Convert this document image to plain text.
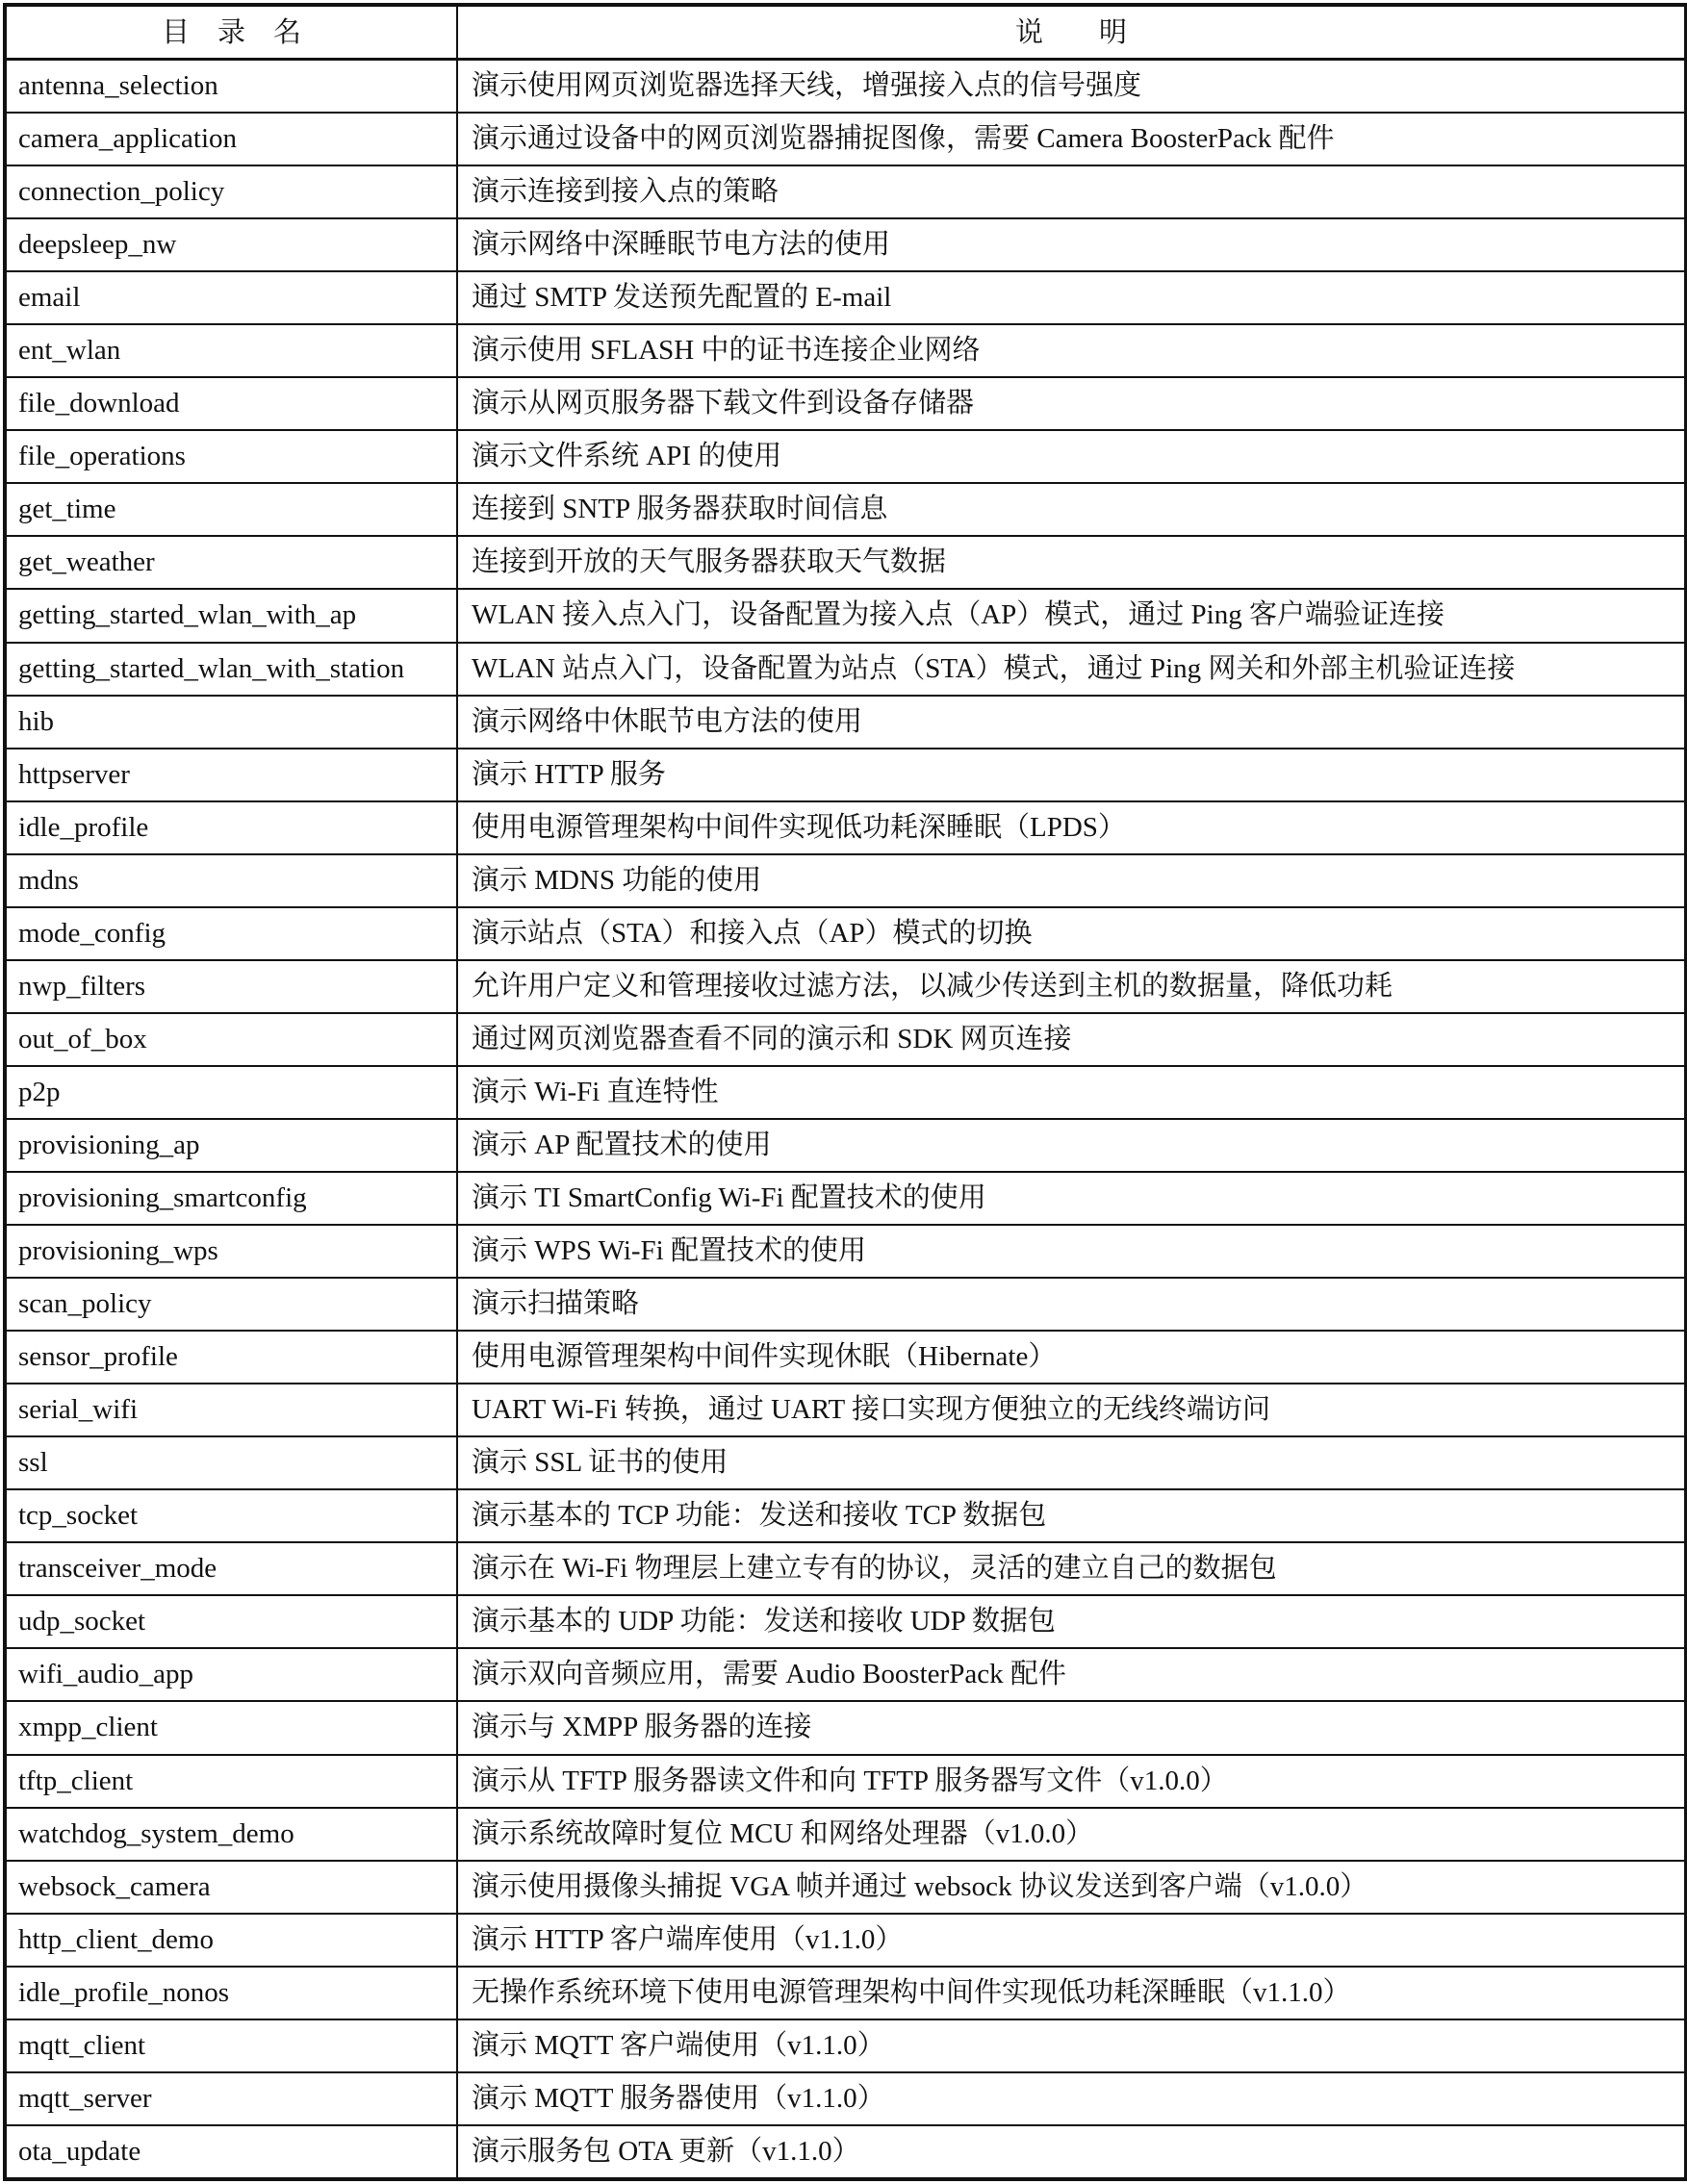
目　录　名	说　　明
antenna_selection	演示使用网页浏览器选择天线，增强接入点的信号强度
camera_application	演示通过设备中的网页浏览器捕捉图像，需要 Camera BoosterPack 配件
connection_policy	演示连接到接入点的策略
deepsleep_nw	演示网络中深睡眠节电方法的使用
email	通过 SMTP 发送预先配置的 E-mail
ent_wlan	演示使用 SFLASH 中的证书连接企业网络
file_download	演示从网页服务器下载文件到设备存储器
file_operations	演示文件系统 API 的使用
get_time	连接到 SNTP 服务器获取时间信息
get_weather	连接到开放的天气服务器获取天气数据
getting_started_wlan_with_ap	WLAN 接入点入门，设备配置为接入点（AP）模式，通过 Ping 客户端验证连接
getting_started_wlan_with_station	WLAN 站点入门，设备配置为站点（STA）模式，通过 Ping 网关和外部主机验证连接
hib	演示网络中休眠节电方法的使用
httpserver	演示 HTTP 服务
idle_profile	使用电源管理架构中间件实现低功耗深睡眠（LPDS）
mdns	演示 MDNS 功能的使用
mode_config	演示站点（STA）和接入点（AP）模式的切换
nwp_filters	允许用户定义和管理接收过滤方法，以减少传送到主机的数据量，降低功耗
out_of_box	通过网页浏览器查看不同的演示和 SDK 网页连接
p2p	演示 Wi-Fi 直连特性
provisioning_ap	演示 AP 配置技术的使用
provisioning_smartconfig	演示 TI SmartConfig Wi-Fi 配置技术的使用
provisioning_wps	演示 WPS Wi-Fi 配置技术的使用
scan_policy	演示扫描策略
sensor_profile	使用电源管理架构中间件实现休眠（Hibernate）
serial_wifi	UART Wi-Fi 转换，通过 UART 接口实现方便独立的无线终端访问
ssl	演示 SSL 证书的使用
tcp_socket	演示基本的 TCP 功能：发送和接收 TCP 数据包
transceiver_mode	演示在 Wi-Fi 物理层上建立专有的协议，灵活的建立自己的数据包
udp_socket	演示基本的 UDP 功能：发送和接收 UDP 数据包
wifi_audio_app	演示双向音频应用，需要 Audio BoosterPack 配件
xmpp_client	演示与 XMPP 服务器的连接
tftp_client	演示从 TFTP 服务器读文件和向 TFTP 服务器写文件（v1.0.0）
watchdog_system_demo	演示系统故障时复位 MCU 和网络处理器（v1.0.0）
websock_camera	演示使用摄像头捕捉 VGA 帧并通过 websock 协议发送到客户端（v1.0.0）
http_client_demo	演示 HTTP 客户端库使用（v1.1.0）
idle_profile_nonos	无操作系统环境下使用电源管理架构中间件实现低功耗深睡眠（v1.1.0）
mqtt_client	演示 MQTT 客户端使用（v1.1.0）
mqtt_server	演示 MQTT 服务器使用（v1.1.0）
ota_update	演示服务包 OTA 更新（v1.1.0）
